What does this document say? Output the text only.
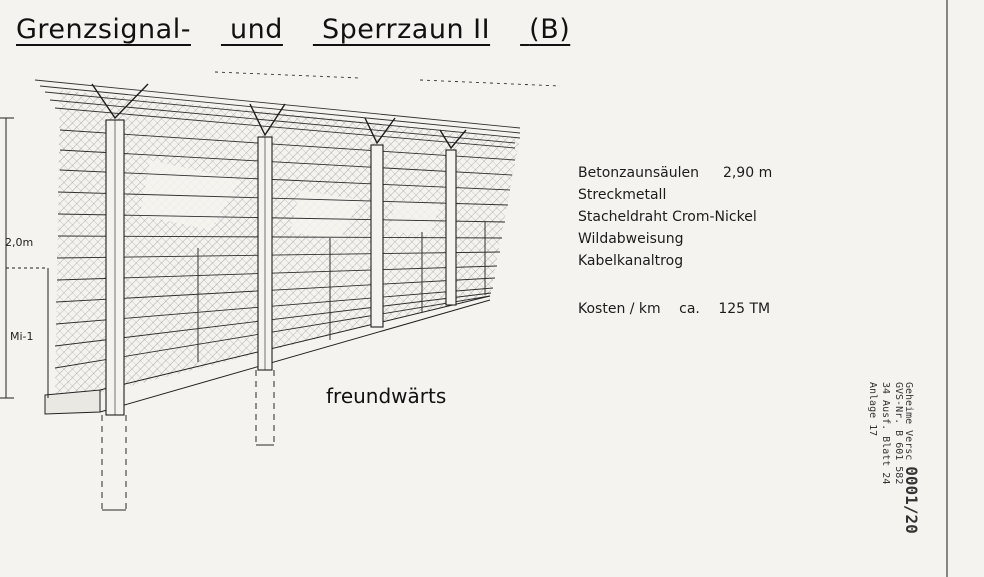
Grenzsignal- und Sperrzaun II (B)
2,0m
Mi-1
Betonzaunsäulen 2,90 m
Streckmetall
Stacheldraht Crom-Nickel
Wildabweisung
Kabelkanaltrog
Kosten / km ca. 125 TM
freundwärts	Geheime Versc0001/20
GVS-Nr. B 601 582
34 Ausf. Blatt 24
Anlage 17
